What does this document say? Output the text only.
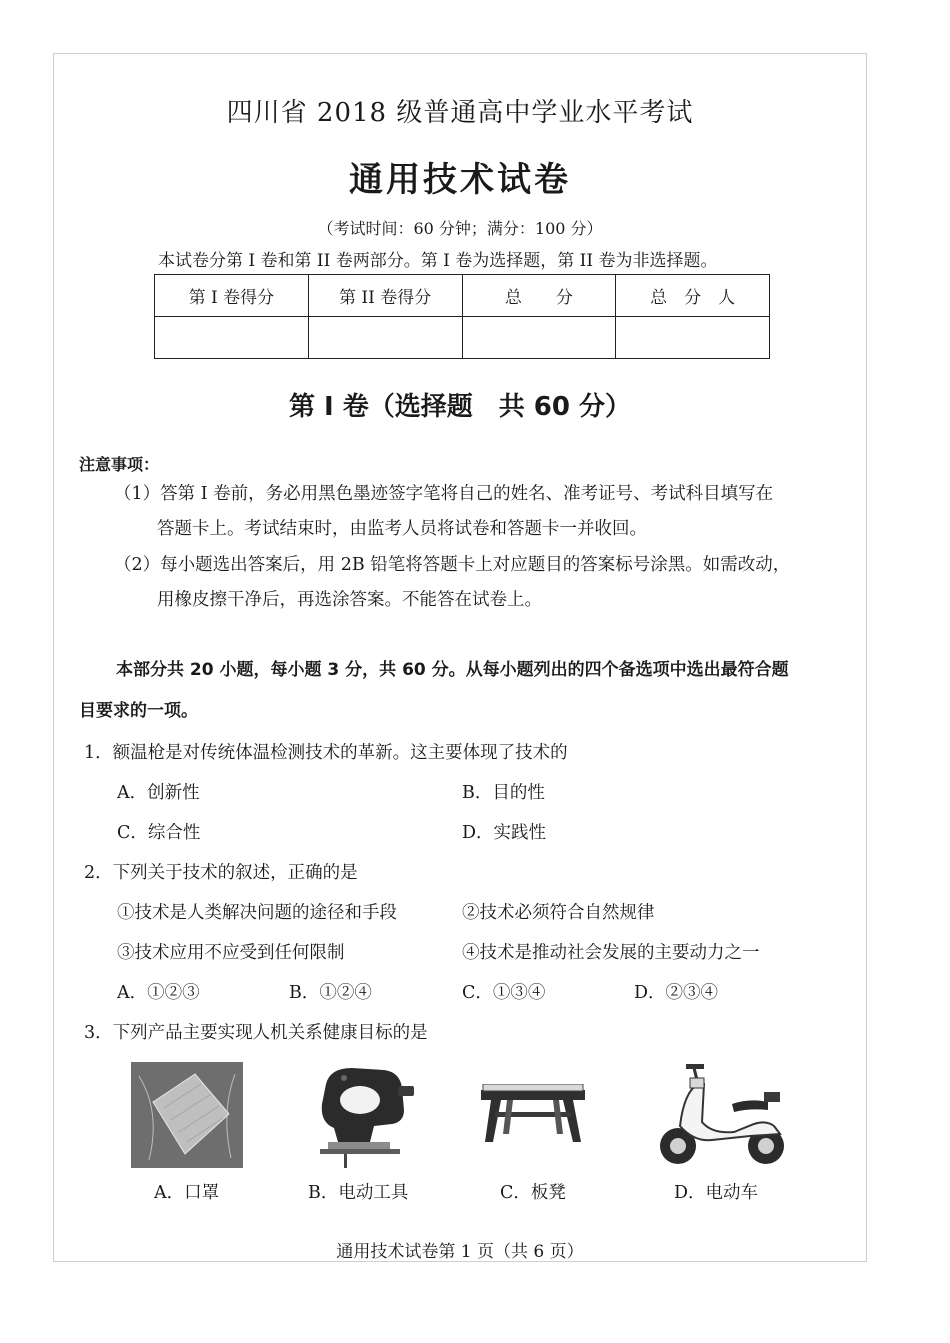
四川省 2018 级普通高中学业水平考试
通用技术试卷
（考试时间：60 分钟；满分：100 分）
本试卷分第 I 卷和第 II 卷两部分。第 I 卷为选择题，第 II 卷为非选择题。
第 I 卷得分	第 II 卷得分	总　　分	总　分　人

第 I 卷（选择题　共 60 分）
注意事项：
（1）答第 I 卷前，务必用黑色墨迹签字笔将自己的姓名、准考证号、考试科目填写在
答题卡上。考试结束时，由监考人员将试卷和答题卡一并收回。
（2）每小题选出答案后，用 2B 铅笔将答题卡上对应题目的答案标号涂黑。如需改动，
用橡皮擦干净后，再选涂答案。不能答在试卷上。
本部分共 20 小题，每小题 3 分，共 60 分。从每小题列出的四个备选项中选出最符合题
目要求的一项。
1．额温枪是对传统体温检测技术的革新。这主要体现了技术的
A．创新性	B．目的性
C．综合性	D．实践性
2．下列关于技术的叙述，正确的是
①技术是人类解决问题的途径和手段	②技术必须符合自然规律
③技术应用不应受到任何限制	④技术是推动社会发展的主要动力之一
A．①②③	B．①②④	C．①③④	D．②③④
3．下列产品主要实现人机关系健康目标的是
A．口罩	B．电动工具	C．板凳	D．电动车
通用技术试卷第 1 页（共 6 页）
